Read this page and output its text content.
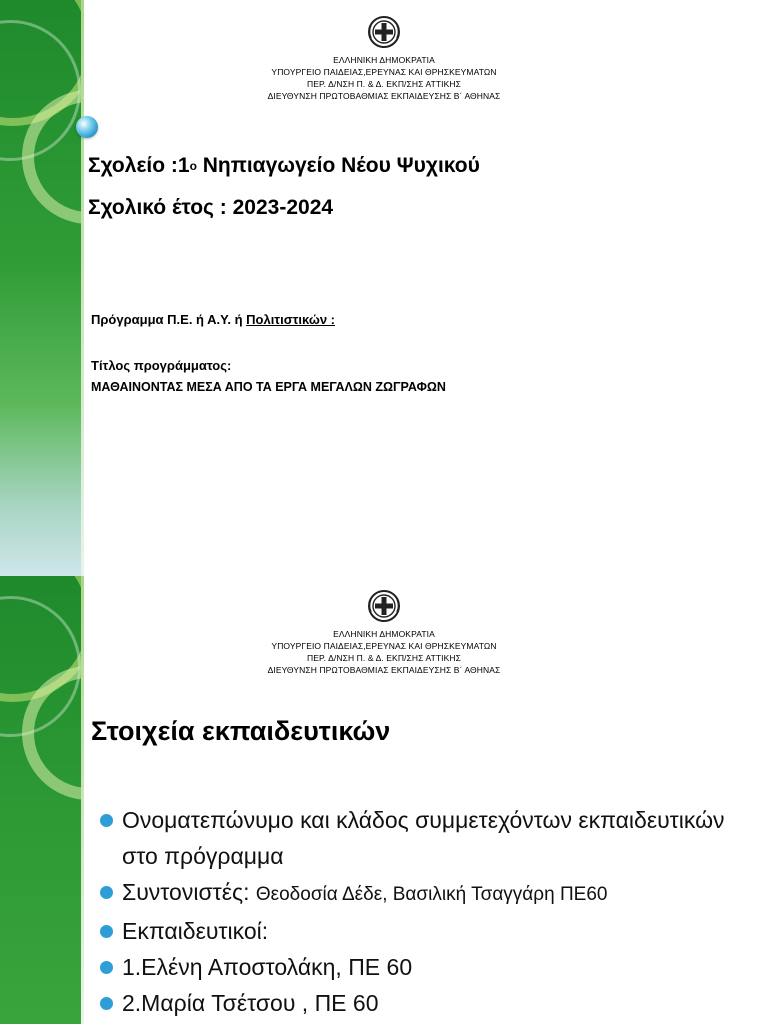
ΕΛΛΗΝΙΚΗ ΔΗΜΟΚΡΑΤΙΑ
ΥΠΟΥΡΓΕΙΟ ΠΑΙΔΕΙΑΣ,ΕΡΕΥΝΑΣ ΚΑΙ ΘΡΗΣΚΕΥΜΑΤΩΝ
ΠΕΡ. Δ/ΝΣΗ Π. & Δ. ΕΚΠ/ΣΗΣ ΑΤΤΙΚΗΣ
ΔΙΕΥΘΥΝΣΗ ΠΡΩΤΟΒΑΘΜΙΑΣ ΕΚΠΑΙΔΕΥΣΗΣ Β΄ ΑΘΗΝΑΣ
Σχολείο :1ο Νηπιαγωγείο Νέου Ψυχικού
Σχολικό έτος : 2023-2024
Πρόγραμμα Π.Ε. ή Α.Υ. ή Πολιτιστικών :
Τίτλος προγράμματος:
ΜΑΘΑΙΝΟΝΤΑΣ ΜΕΣΑ ΑΠΟ ΤΑ ΕΡΓΑ ΜΕΓΑΛΩΝ ΖΩΓΡΑΦΩΝ
ΕΛΛΗΝΙΚΗ ΔΗΜΟΚΡΑΤΙΑ
ΥΠΟΥΡΓΕΙΟ ΠΑΙΔΕΙΑΣ,ΕΡΕΥΝΑΣ ΚΑΙ ΘΡΗΣΚΕΥΜΑΤΩΝ
ΠΕΡ. Δ/ΝΣΗ Π. & Δ. ΕΚΠ/ΣΗΣ ΑΤΤΙΚΗΣ
ΔΙΕΥΘΥΝΣΗ ΠΡΩΤΟΒΑΘΜΙΑΣ ΕΚΠΑΙΔΕΥΣΗΣ Β΄ ΑΘΗΝΑΣ
Στοιχεία εκπαιδευτικών
Ονοματεπώνυμο και κλάδος συμμετεχόντων εκπαιδευτικών στο πρόγραμμα
Συντονιστές: Θεοδοσία Δέδε, Βασιλική Τσαγγάρη ΠΕ60
Εκπαιδευτικοί:
1.Ελένη Αποστολάκη, ΠΕ 60
2.Μαρία Τσέτσου , ΠΕ 60
